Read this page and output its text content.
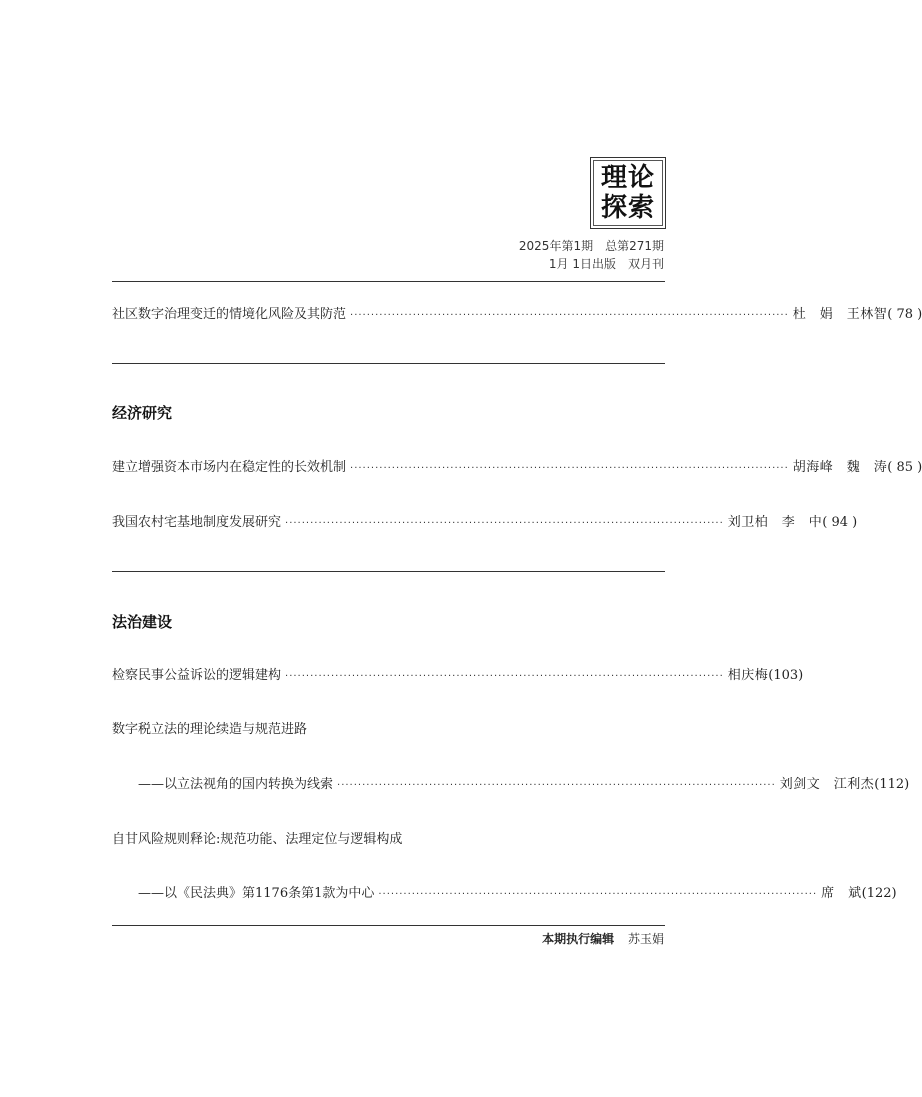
理论
探索
2025年第1期　总第271期
1月 1日出版　双月刊
社区数字治理变迁的情境化风险及其防范 ········································································································· 杜　娟　王林智 ( 78 )
经济研究
建立增强资本市场内在稳定性的长效机制 ········································································································· 胡海峰　魏　涛 ( 85 )
我国农村宅基地制度发展研究 ········································································································· 刘卫柏　李　中 ( 94 )
法治建设
检察民事公益诉讼的逻辑建构 ········································································································· 相庆梅 (103)
数字税立法的理论续造与规范进路
——以立法视角的国内转换为线索 ········································································································· 刘剑文　江利杰 (112)
自甘风险规则释论:规范功能、法理定位与逻辑构成
——以《民法典》第1176条第1款为中心 ········································································································· 席　斌 (122)
本期执行编辑 苏玉娟
